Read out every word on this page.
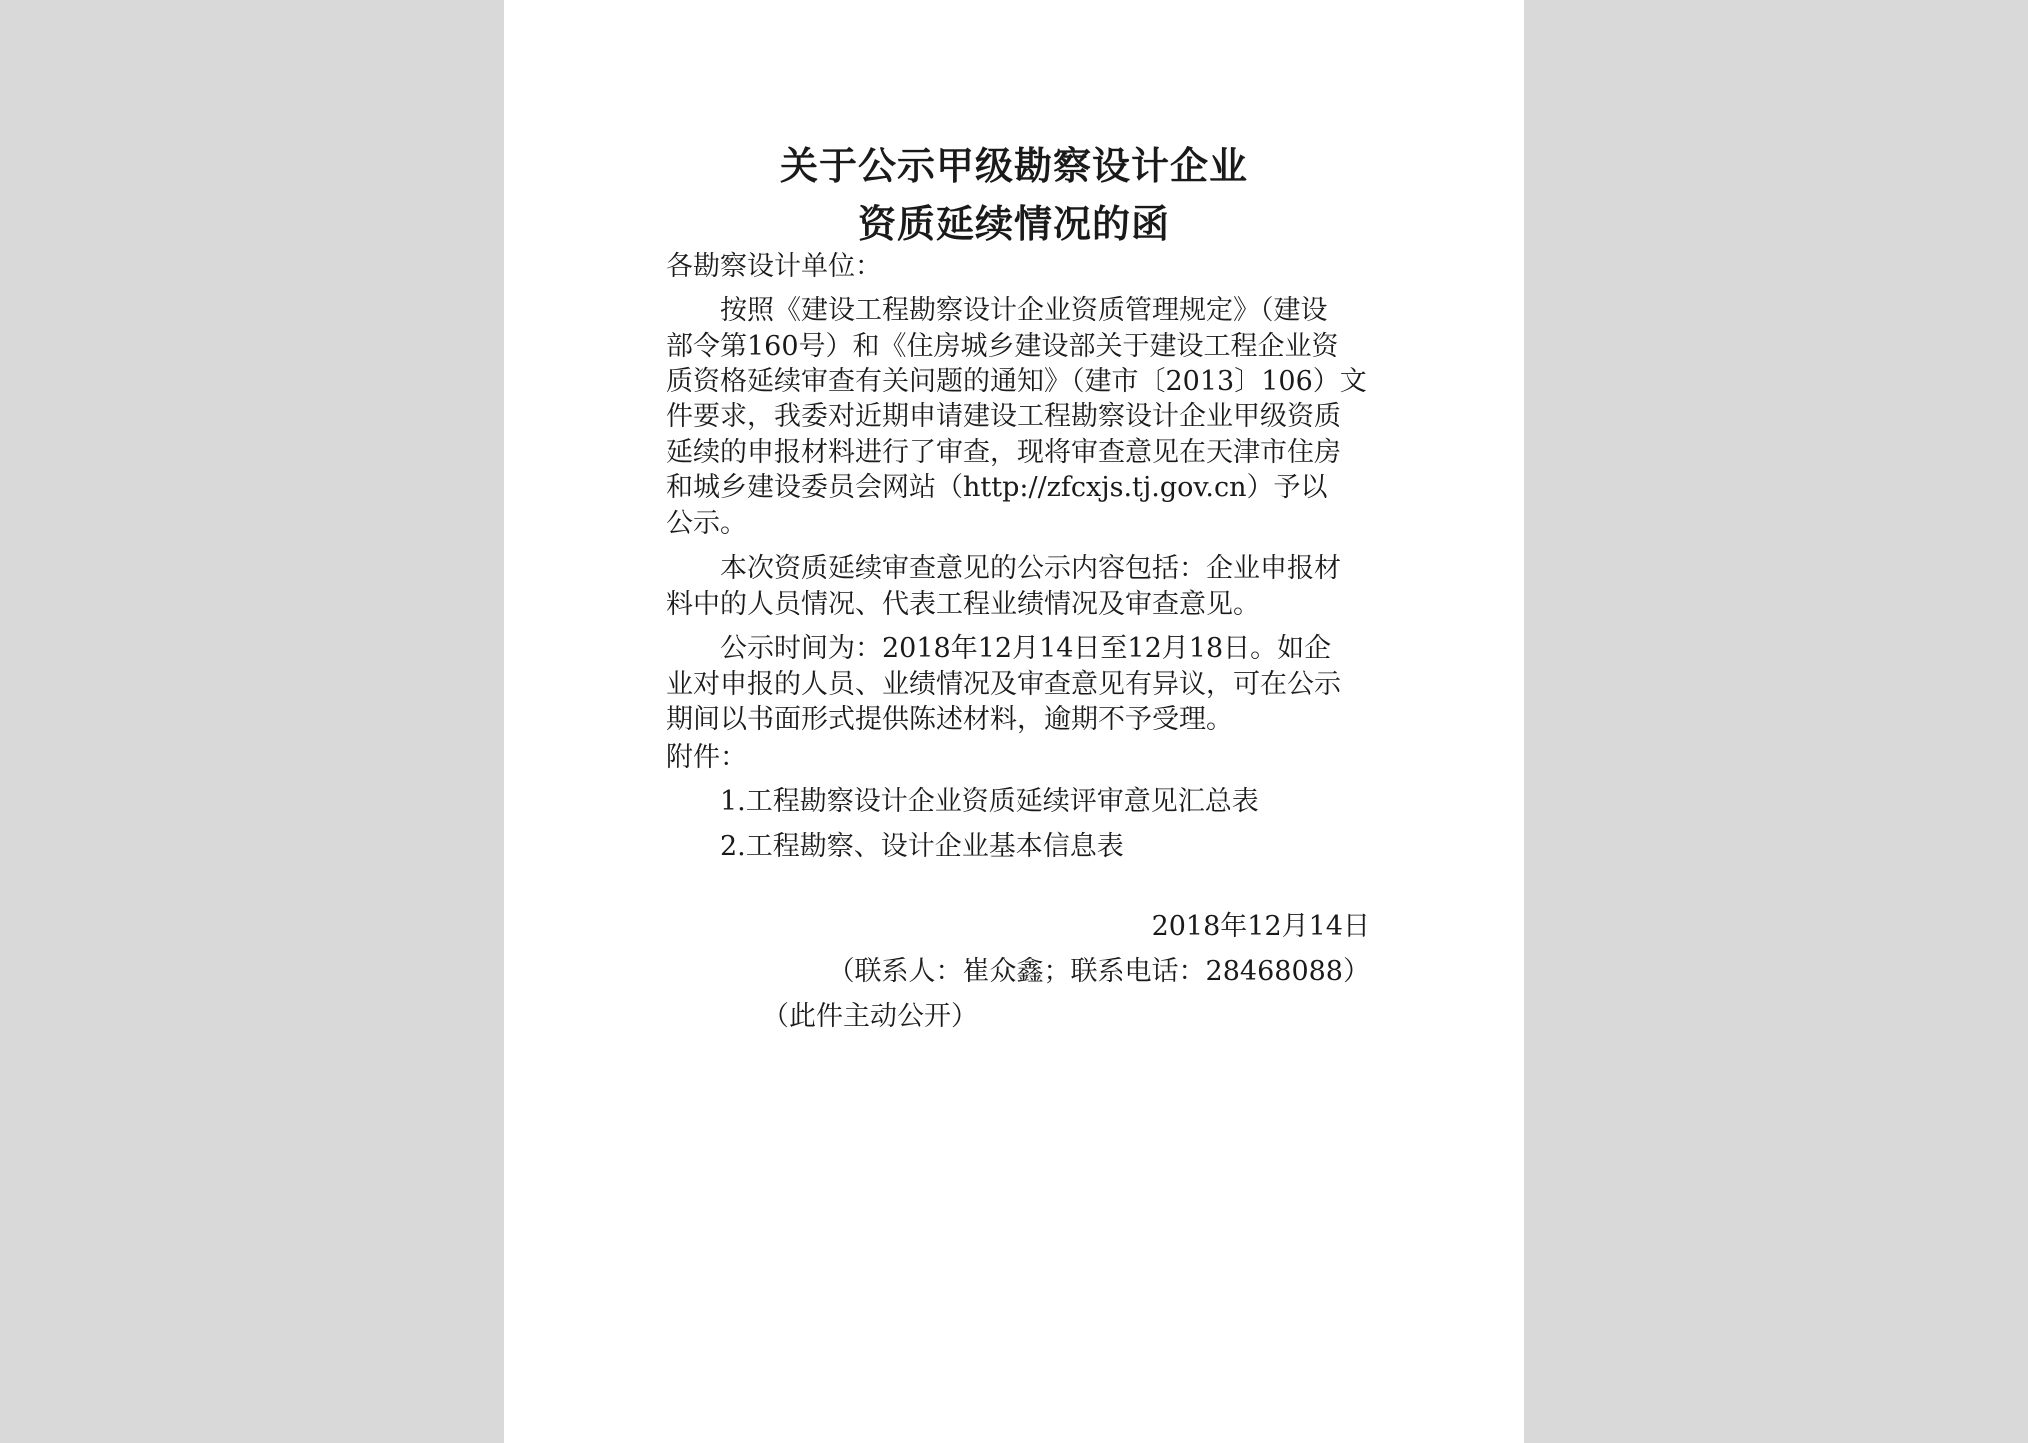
关于公示甲级勘察设计企业
资质延续情况的函
各勘察设计单位：
按照《建设工程勘察设计企业资质管理规定》（建设
部令第160号）和《住房城乡建设部关于建设工程企业资
质资格延续审查有关问题的通知》（建市〔2013〕106）文
件要求，我委对近期申请建设工程勘察设计企业甲级资质
延续的申报材料进行了审查，现将审查意见在天津市住房
和城乡建设委员会网站（http://zfcxjs.tj.gov.cn）予以
公示。
本次资质延续审查意见的公示内容包括：企业申报材
料中的人员情况、代表工程业绩情况及审查意见。
公示时间为：2018年12月14日至12月18日。如企
业对申报的人员、业绩情况及审查意见有异议，可在公示
期间以书面形式提供陈述材料，逾期不予受理。
附件：
1.工程勘察设计企业资质延续评审意见汇总表
2.工程勘察、设计企业基本信息表
2018年12月14日
（联系人：崔众鑫；联系电话：28468088）
（此件主动公开）
